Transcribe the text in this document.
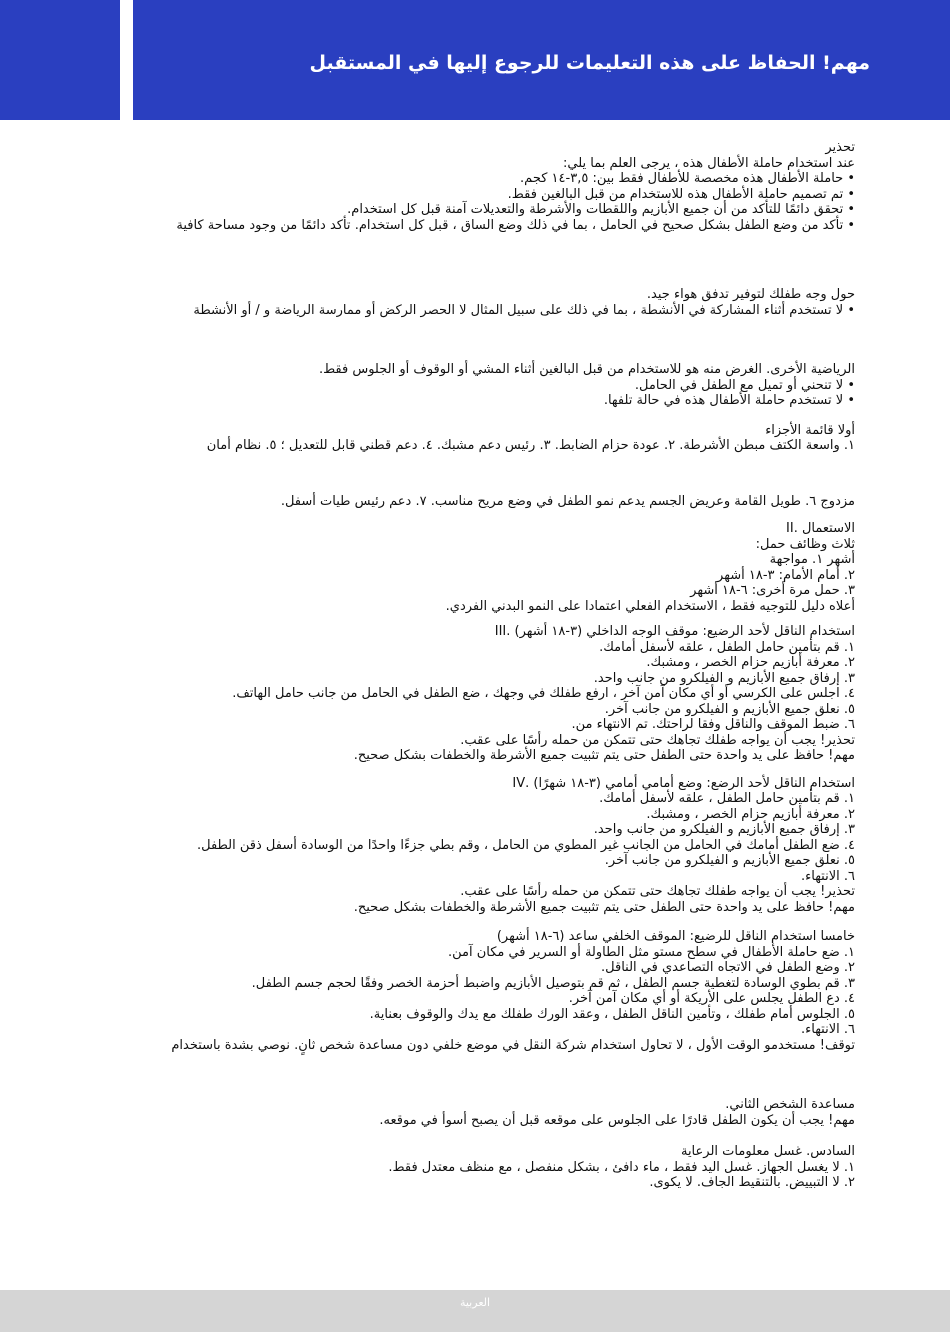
مهم! الحفاظ على هذه التعليمات للرجوع إليها في المستقبل
تحذير
عند استخدام حاملة الأطفال هذه ، يرجى العلم بما يلي:
• حاملة الأطفال هذه مخصصة للأطفال فقط بين: ٣,٥-١٤ كجم.
• تم تصميم حاملة الأطفال هذه للاستخدام من قبل البالغين فقط.
• تحقق دائمًا للتأكد من أن جميع الأبازيم واللقطات والأشرطة والتعديلات آمنة قبل كل استخدام.
• تأكد من وضع الطفل بشكل صحيح في الحامل ، بما في ذلك وضع الساق ، قبل كل استخدام. تأكد دائمًا من وجود مساحة كافية
حول وجه طفلك لتوفير تدفق هواء جيد.
• لا تستخدم أثناء المشاركة في الأنشطة ، بما في ذلك على سبيل المثال لا الحصر الركض أو ممارسة الرياضة و / أو الأنشطة
الرياضية الأخرى. الغرض منه هو للاستخدام من قبل البالغين أثناء المشي أو الوقوف أو الجلوس فقط.
• لا تنحني أو تميل مع الطفل في الحامل.
• لا تستخدم حاملة الأطفال هذه في حالة تلفها.
أولا قائمة الأجزاء
١. واسعة الكتف مبطن الأشرطة. ٢. عودة حزام الضابط. ٣. رئيس دعم مشبك. ٤. دعم قطني قابل للتعديل ؛ ٥. نظام أمان
مزدوج ٦. طويل القامة وعريض الجسم يدعم نمو الطفل في وضع مريح مناسب. ٧. دعم رئيس طيات أسفل.
الاستعمال .II
ثلاث وظائف حمل:
أشهر ١. مواجهة
٢. أمام الأمام: ٣-١٨ أشهر
٣. حمل مرة أخرى: ٦-١٨ أشهر
أعلاه دليل للتوجيه فقط ، الاستخدام الفعلي اعتمادا على النمو البدني الفردي.
استخدام الناقل لأحد الرضيع: موقف الوجه الداخلي (٣-١٨ أشهر) .III
١. قم بتأمين حامل الطفل ، علقه لأسفل أمامك.
٢. معرفة أبازيم حزام الخصر ، ومشبك.
٣. إرفاق جميع الأبازيم و الفيلكرو من جانب واحد.
٤. اجلس على الكرسي أو أي مكان آمن آخر ، ارفع طفلك في وجهك ، ضع الطفل في الحامل من جانب حامل الهاتف.
٥. نعلق جميع الأبازيم و الفيلكرو من جانب آخر.
٦. ضبط الموقف والناقل وفقا لراحتك. تم الانتهاء من.
تحذير! يجب أن يواجه طفلك تجاهك حتى تتمكن من حمله رأسًا على عقب.
مهم! حافظ على يد واحدة حتى الطفل حتى يتم تثبيت جميع الأشرطة والخطفات بشكل صحيح.
استخدام الناقل لأحد الرضع: وضع أمامي أمامي (٣-١٨ شهرًا) .IV
١. قم بتأمين حامل الطفل ، علقه لأسفل أمامك.
٢. معرفة أبازيم حزام الخصر ، ومشبك.
٣. إرفاق جميع الأبازيم و الفيلكرو من جانب واحد.
٤. ضع الطفل أمامك في الحامل من الجانب غير المطوي من الحامل ، وقم بطي جزءًا واحدًا من الوسادة أسفل ذقن الطفل.
٥. نعلق جميع الأبازيم و الفيلكرو من جانب آخر.
٦. الانتهاء.
تحذير! يجب أن يواجه طفلك تجاهك حتى تتمكن من حمله رأسًا على عقب.
مهم! حافظ على يد واحدة حتى الطفل حتى يتم تثبيت جميع الأشرطة والخطفات بشكل صحيح.
خامسا استخدام الناقل للرضيع: الموقف الخلفي ساعد (٦-١٨ أشهر)
١. ضع حاملة الأطفال في سطح مستو مثل الطاولة أو السرير في مكان آمن.
٢. وضع الطفل في الاتجاه التصاعدي في الناقل.
٣. قم بطوي الوسادة لتغطية جسم الطفل ، ثم قم بتوصيل الأبازيم واضبط أحزمة الخصر وفقًا لحجم جسم الطفل.
٤. دع الطفل يجلس على الأريكة أو أي مكان آمن آخر.
٥. الجلوس أمام طفلك ، وتأمين الناقل الطفل ، وعقد الورك طفلك مع يدك والوقوف بعناية.
٦. الانتهاء.
توقف! مستخدمو الوقت الأول ، لا تحاول استخدام شركة النقل في موضع خلفي دون مساعدة شخص ثانٍ. نوصي بشدة باستخدام
مساعدة الشخص الثاني.
مهم! يجب أن يكون الطفل قادرًا على الجلوس على موقعه قبل أن يصبح أسوأ في موقعه.
السادس. غسل معلومات الرعاية
١. لا يغسل الجهاز. غسل اليد فقط ، ماء دافئ ، بشكل منفصل ، مع منظف معتدل فقط.
٢. لا التبييض. بالتنقيط الجاف. لا يكوى.
العربية
